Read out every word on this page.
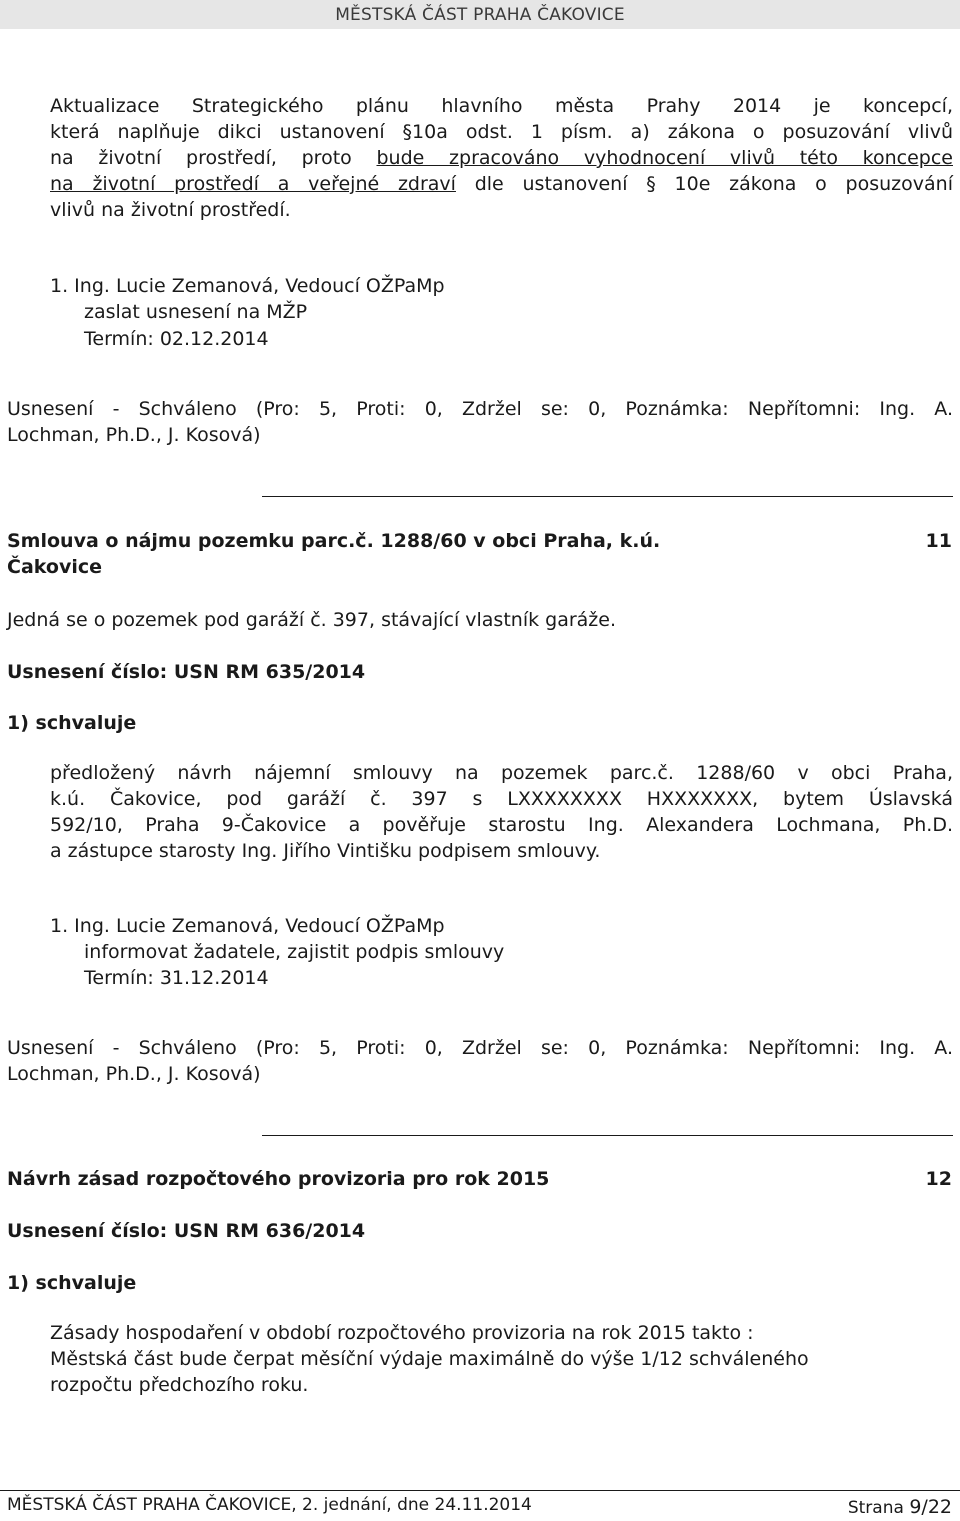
MĚSTSKÁ ČÁST PRAHA ČAKOVICE
Aktualizace Strategického plánu hlavního města Prahy 2014 je koncepcí,
která naplňuje dikci ustanovení §10a odst. 1 písm. a) zákona o posuzování vlivů
na životní prostředí, proto bude zpracováno vyhodnocení vlivů této koncepce
na životní prostředí a veřejné zdraví dle ustanovení § 10e zákona o posuzování
vlivů na životní prostředí.
1. Ing. Lucie Zemanová, Vedoucí OŽPaMp
zaslat usnesení na MŽP
Termín: 02.12.2014
Usnesení - Schváleno (Pro: 5, Proti: 0, Zdržel se: 0, Poznámka: Nepřítomni: Ing. A.
Lochman, Ph.D., J. Kosová)
Smlouva o nájmu pozemku parc.č. 1288/60 v obci Praha, k.ú.
Čakovice
11
Jedná se o pozemek pod garáží č. 397, stávající vlastník garáže.
Usnesení číslo: USN RM 635/2014
1) schvaluje
předložený návrh nájemní smlouvy na pozemek parc.č. 1288/60 v obci Praha,
k.ú. Čakovice, pod garáží č. 397 s LXXXXXXXX HXXXXXXX, bytem Úslavská
592/10, Praha 9-Čakovice a pověřuje starostu Ing. Alexandera Lochmana, Ph.D.
a zástupce starosty Ing. Jiřího Vintišku podpisem smlouvy.
1. Ing. Lucie Zemanová, Vedoucí OŽPaMp
informovat žadatele, zajistit podpis smlouvy
Termín: 31.12.2014
Usnesení - Schváleno (Pro: 5, Proti: 0, Zdržel se: 0, Poznámka: Nepřítomni: Ing. A.
Lochman, Ph.D., J. Kosová)
Návrh zásad rozpočtového provizoria pro rok 2015	12
Usnesení číslo: USN RM 636/2014
1) schvaluje
Zásady hospodaření v období rozpočtového provizoria na rok 2015 takto :
Městská část bude čerpat měsíční výdaje maximálně do výše 1/12 schváleného
rozpočtu předchozího roku.
MĚSTSKÁ ČÁST PRAHA ČAKOVICE, 2. jednání, dne 24.11.2014	Strana 9/22
